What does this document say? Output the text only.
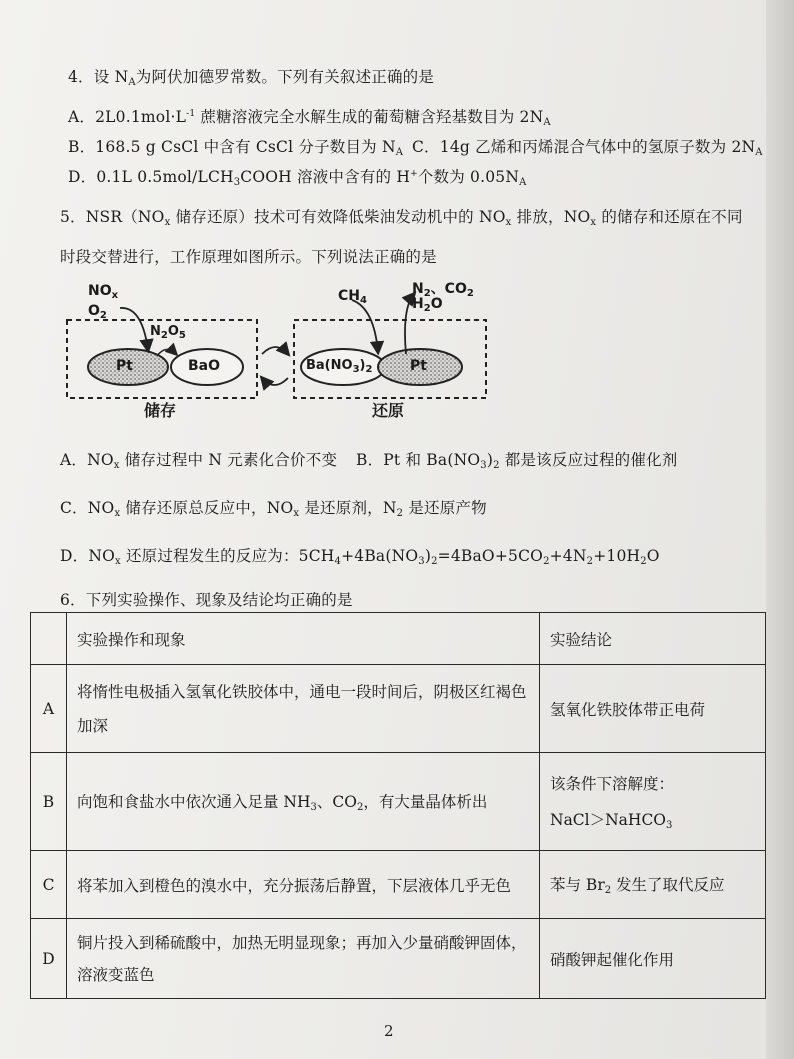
4．设 $N_A$为阿伏加德罗常数。下列有关叙述正确的是
A．$2L0.1mol\cdot L^{-1}$ 蔗糖溶液完全水解生成的葡萄糖含羟基数目为 $2N_A$
B．168.5 g CsCl 中含有 CsCl 分子数目为 $N_A$ C．14g 乙烯和丙烯混合气体中的氢原子数为 $2N_A$
D．0.1L $0.5mol/LCH_3COOH$ 溶液中含有的 H+个数为 $0.05N_A$
5．$NSR(NO_x$ 储存还原）技术可有效降低柴油发动机中的 $NO_x$ 排放，$NO_x$ 的储存和还原在不同
时段交替进行，工作原理如图所示。下列说法正确的是
$NO_x$
$O_2$
$N_2O_5$
Pt	BaO
储存
$CH_4$
$N_2$、$CO_2$
$H_2O$
$Ba(NO_3)_2$	Pt
还原
A．$NO_x$ 储存过程中 N 元素化合价不变 B．Pt 和 $Ba(NO_3)_2$ 都是该反应过程的催化剂
C．$NO_x$ 储存还原总反应中，$NO_x$ 是还原剂，$N_2$ 是还原产物
D．$NO_x$ 还原过程发生的反应为：$5CH_4+4Ba(NO_3)_2=4BaO+5CO_2+4N_2+10H_2O$
6．下列实验操作、现象及结论均正确的是
	实验操作和现象	实验结论
A	将惰性电极插入氢氧化铁胶体中，通电一段时间后，阴极区红褐色加深	氢氧化铁胶体带正电荷
B	向饱和食盐水中依次通入足量 $NH_3$、$CO_2$，有大量晶体析出	该条件下溶解度：
NaCl＞NaHCO$_3$

C	将苯加入到橙色的溴水中，充分振荡后静置，下层液体几乎无色	苯与 $Br_2$ 发生了取代反应
D	铜片投入到稀硫酸中，加热无明显现象；再加入少量硝酸钾固体，
溶液变蓝色	硝酸钾起催化作用
2
